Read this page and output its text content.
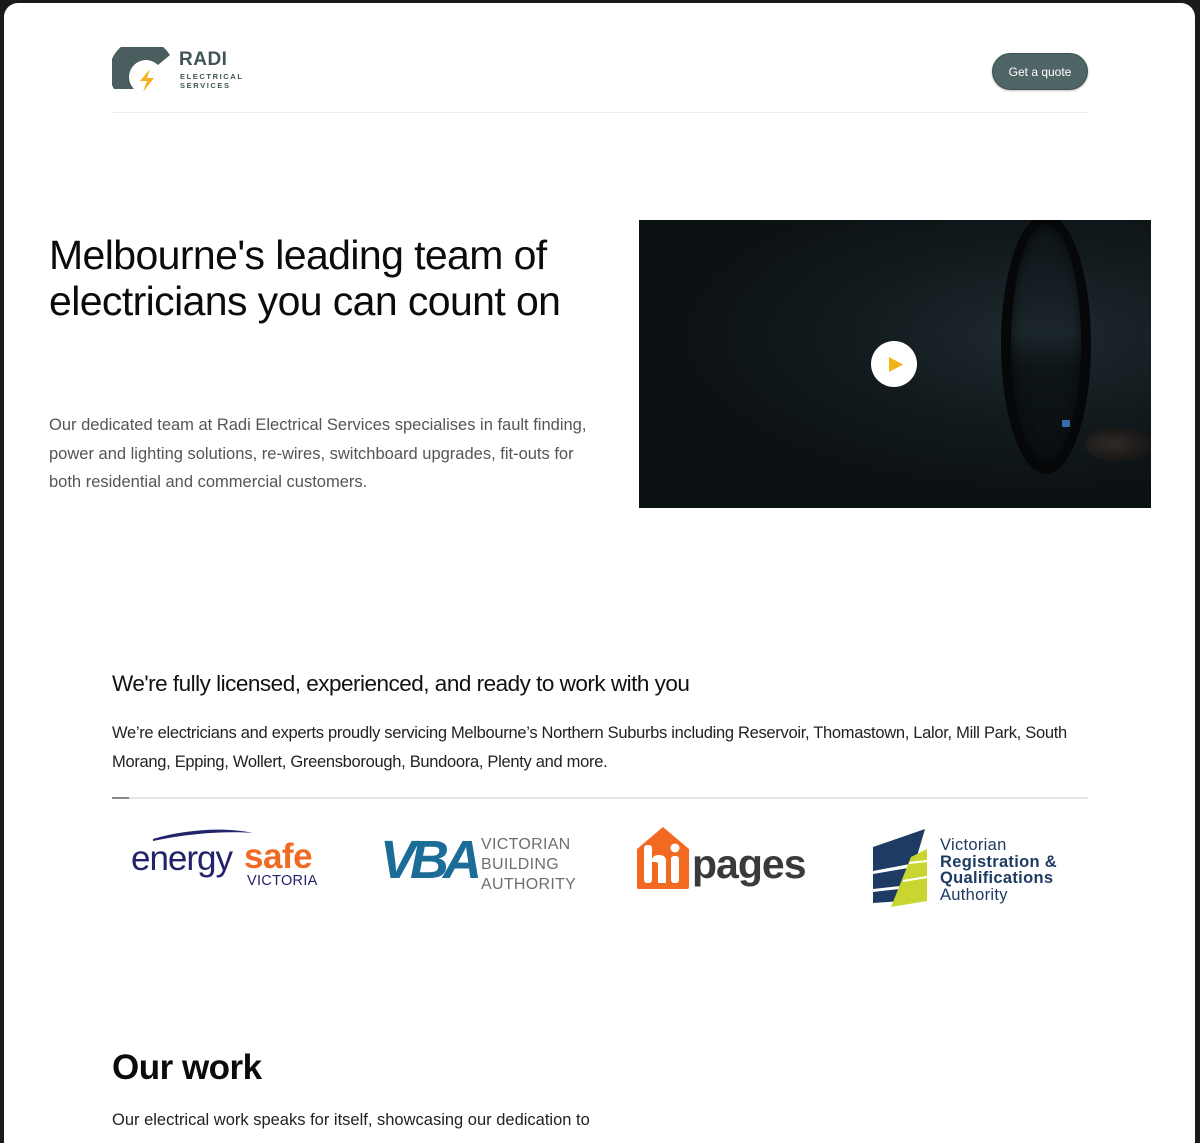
RADI
ELECTRICAL
SERVICES
Get a quote
Melbourne's leading team of electricians you can count on

Our dedicated team at Radi Electrical Services specialises in fault finding, power and lighting solutions, re-wires, switchboard upgrades, fit-outs for both residential and commercial customers.

We're fully licensed, experienced, and ready to work with you

We’re electricians and experts proudly servicing Melbourne’s Northern Suburbs including Reservoir, Thomastown, Lalor, Mill Park, South Morang, Epping, Wollert, Greensborough, Bundoora, Plenty and more.

energy safe
VICTORIA VBA VICTORIAN
BUILDING
AUTHORITY	pages	Victorian
Registration &
Qualifications
Authority
Our work

Our electrical work speaks for itself, showcasing our dedication to
